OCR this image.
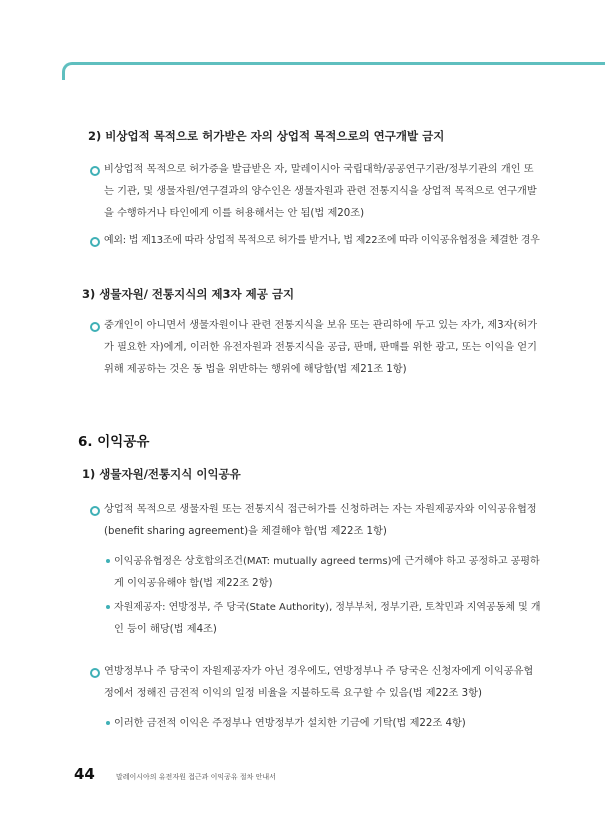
2) 비상업적 목적으로 허가받은 자의 상업적 목적으로의 연구개발 금지
비상업적 목적으로 허가증을 발급받은 자, 말레이시아 국립대학/공공연구기관/정부기관의 개인 또
는 기관, 및 생물자원/연구결과의 양수인은 생물자원과 관련 전통지식을 상업적 목적으로 연구개발
을 수행하거나 타인에게 이를 허용해서는 안 됨(법 제20조)
예외: 법 제13조에 따라 상업적 목적으로 허가를 받거나, 법 제22조에 따라 이익공유협정을 체결한 경우
3) 생물자원/ 전통지식의 제3자 제공 금지
중개인이 아니면서 생물자원이나 관련 전통지식을 보유 또는 관리하에 두고 있는 자가, 제3자(허가
가 필요한 자)에게, 이러한 유전자원과 전통지식을 공급, 판매, 판매를 위한 광고, 또는 이익을 얻기
위해 제공하는 것은 동 법을 위반하는 행위에 해당함(법 제21조 1항)
6. 이익공유
1) 생물자원/전통지식 이익공유
상업적 목적으로 생물자원 또는 전통지식 접근허가를 신청하려는 자는 자원제공자와 이익공유협정
(benefit sharing agreement)을 체결해야 함(법 제22조 1항)
이익공유협정은 상호합의조건(MAT: mutually agreed terms)에 근거해야 하고 공정하고 공평하
게 이익공유해야 함(법 제22조 2항)
자원제공자: 연방정부, 주 당국(State Authority), 정부부처, 정부기관, 토착민과 지역공동체 및 개
인 등이 해당(법 제4조)
연방정부나 주 당국이 자원제공자가 아닌 경우에도, 연방정부나 주 당국은 신청자에게 이익공유협
정에서 정해진 금전적 이익의 일정 비율을 지불하도록 요구할 수 있음(법 제22조 3항)
이러한 금전적 이익은 주정부나 연방정부가 설치한 기금에 기탁(법 제22조 4항)
44	말레이시아의 유전자원 접근과 이익공유 절차 안내서
